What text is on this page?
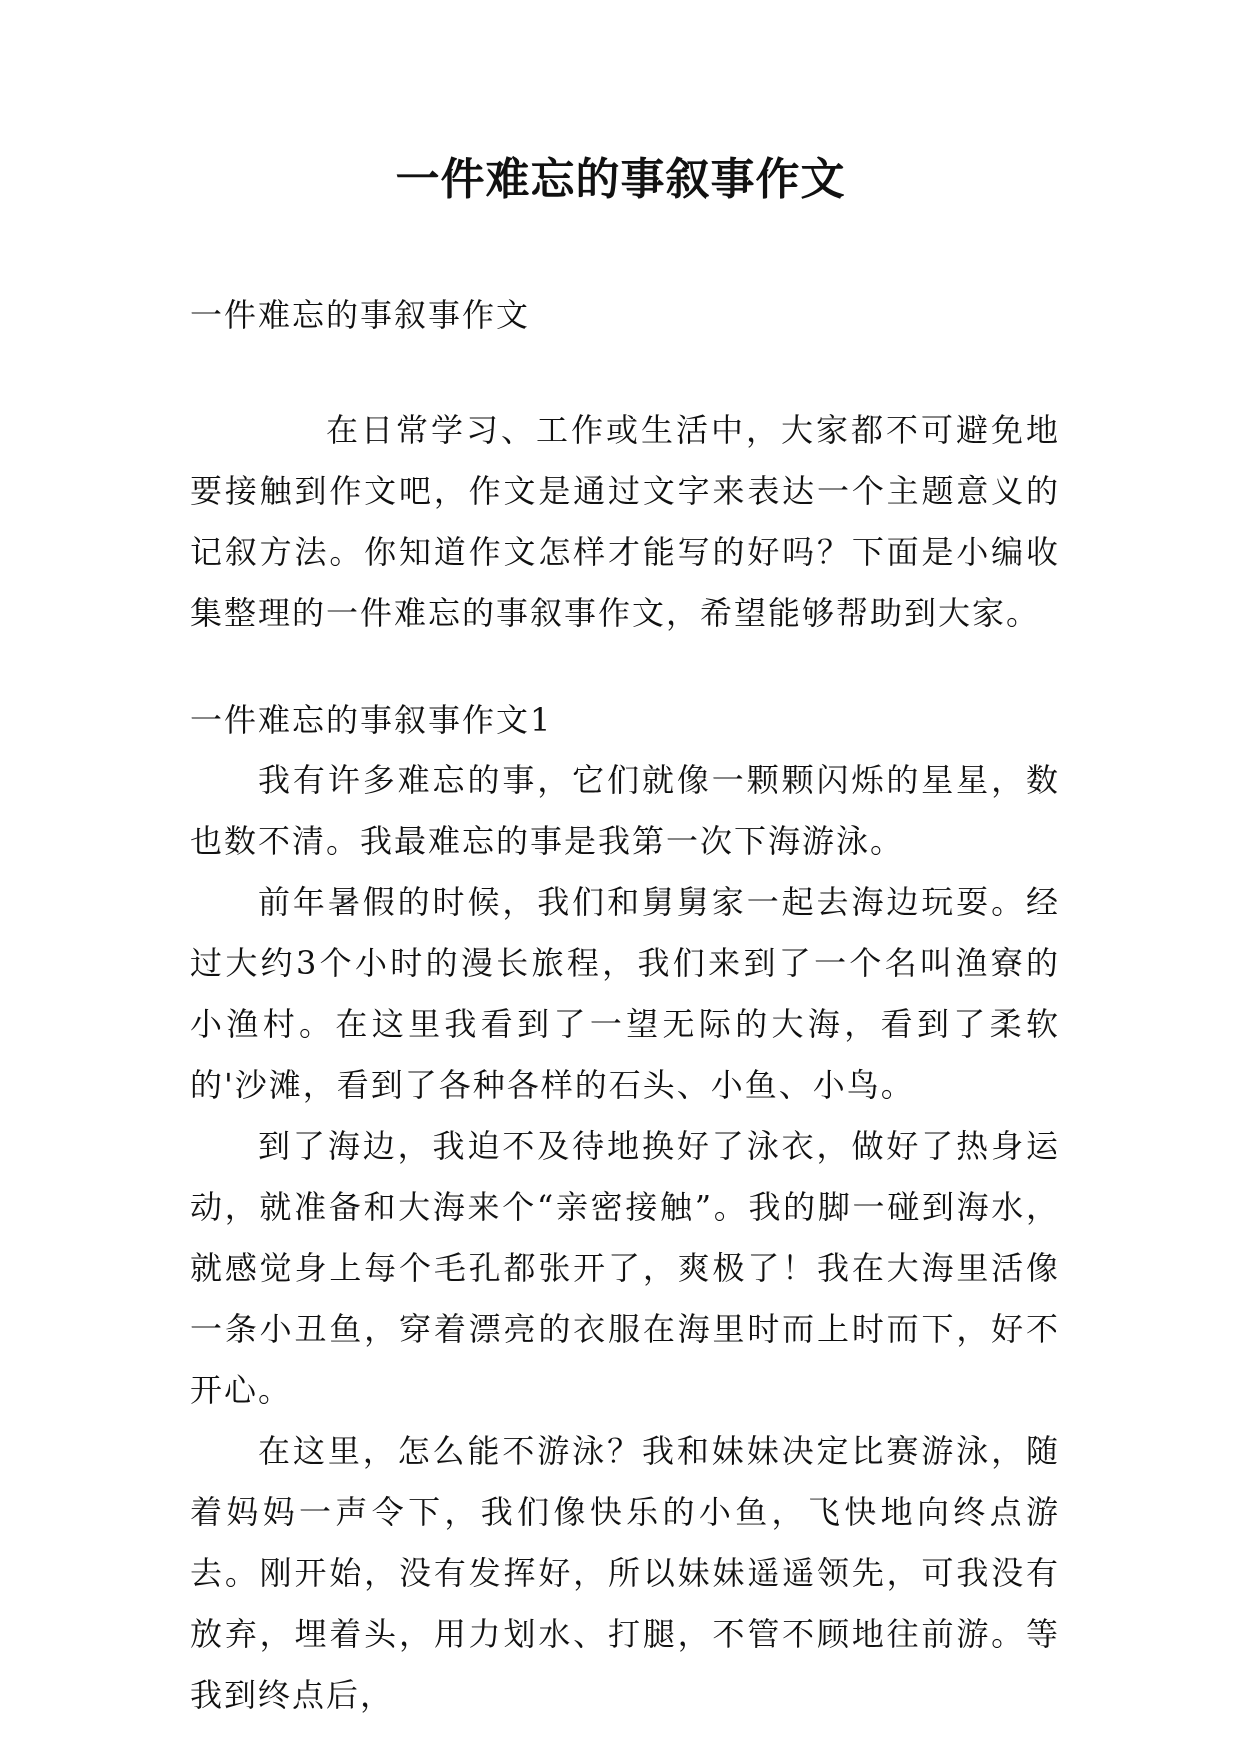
一件难忘的事叙事作文

一件难忘的事叙事作文

在日常学习、工作或生活中，大家都不可避免地要接触到作文吧，作文是通过文字来表达一个主题意义的记叙方法。你知道作文怎样才能写的好吗？下面是小编收集整理的一件难忘的事叙事作文，希望能够帮助到大家。

一件难忘的事叙事作文1

我有许多难忘的事，它们就像一颗颗闪烁的星星，数也数不清。我最难忘的事是我第一次下海游泳。

前年暑假的时候，我们和舅舅家一起去海边玩耍。经过大约3个小时的漫长旅程，我们来到了一个名叫渔寮的小渔村。在这里我看到了一望无际的大海，看到了柔软的'沙滩，看到了各种各样的石头、小鱼、小鸟。

到了海边，我迫不及待地换好了泳衣，做好了热身运动，就准备和大海来个“亲密接触”。我的脚一碰到海水，就感觉身上每个毛孔都张开了，爽极了！我在大海里活像一条小丑鱼，穿着漂亮的衣服在海里时而上时而下，好不开心。

在这里，怎么能不游泳？我和妹妹决定比赛游泳，随着妈妈一声令下，我们像快乐的小鱼，飞快地向终点游去。刚开始，没有发挥好，所以妹妹遥遥领先，可我没有放弃，埋着头，用力划水、打腿，不管不顾地往前游。等我到终点后，
